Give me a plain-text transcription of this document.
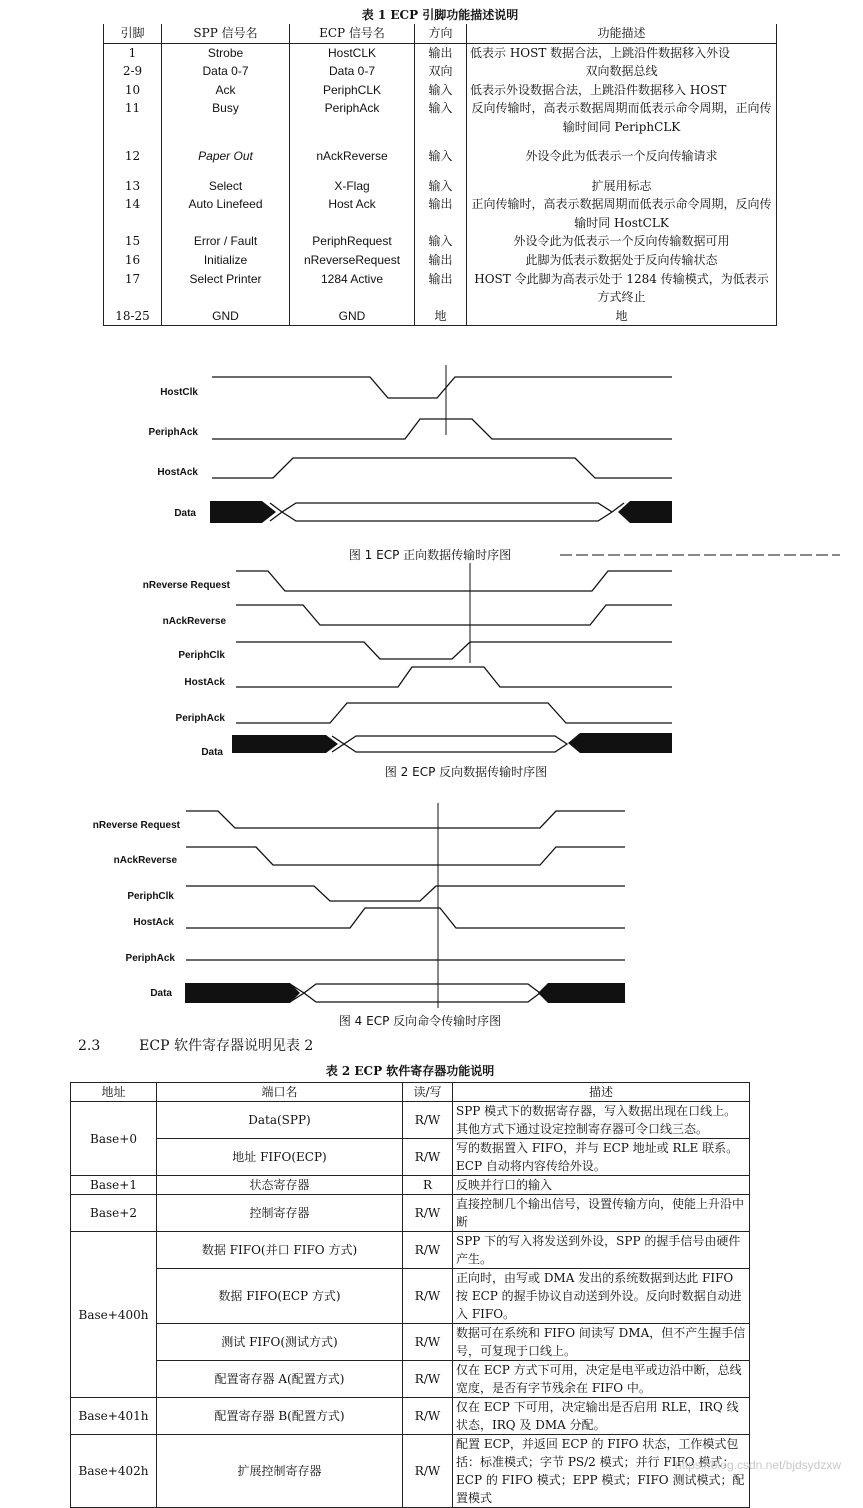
表 1 ECP 引脚功能描述说明
引脚	SPP 信号名	ECP 信号名	方向	功能描述
1	Strobe	HostCLK	输出	低表示 HOST 数据合法，上跳沿件数据移入外设
2-9	Data 0-7	Data 0-7	双向	双向数据总线
10	Ack	PeriphCLK	输入	低表示外设数据合法，上跳沿件数据移入 HOST
11	Busy	PeriphAck	输入	反向传输时，高表示数据周期而低表示命令周期，正向传输时间同 PeriphCLK
12	Paper Out	nAckReverse	输入	外设令此为低表示一个反向传输请求
13	Select	X-Flag	输入	扩展用标志
14	Auto Linefeed	Host Ack	输出	正向传输时，高表示数据周期而低表示命令周期，反向传输时同 HostCLK
15	Error / Fault	PeriphRequest	输入	外设令此为低表示一个反向传输数据可用
16	Initialize	nReverseRequest	输出	此脚为低表示数据处于反向传输状态
17	Select Printer	1284 Active	输出	HOST 令此脚为高表示处于 1284 传输模式，为低表示方式终止
18-25	GND	GND	地	地
HostClk
PeriphAck
HostAck
Data
图 1 ECP 正向数据传输时序图
nReverse Request
nAckReverse
PeriphClk
HostAck
PeriphAck
Data
图 2 ECP 反向数据传输时序图
nReverse Request
nAckReverse
PeriphClk
HostAck
PeriphAck
Data
图 4 ECP 反向命令传输时序图
2.3	ECP 软件寄存器说明见表 2
表 2 ECP 软件寄存器功能说明
地址	端口名	读/写	描述
Base+0	Data(SPP)	R/W	SPP 模式下的数据寄存器，写入数据出现在口线上。其他方式下通过设定控制寄存器可令口线三态。
	地址 FIFO(ECP)	R/W	写的数据置入 FIFO，并与 ECP 地址或 RLE 联系。ECP 自动将内容传给外设。
Base+1	状态寄存器	R	反映并行口的输入
Base+2	控制寄存器	R/W	直接控制几个输出信号，设置传输方向，使能上升沿中断
Base+400h	数据 FIFO(并口 FIFO 方式)	R/W	SPP 下的写入将发送到外设，SPP 的握手信号由硬件产生。
	数据 FIFO(ECP 方式)	R/W	正向时，由写或 DMA 发出的系统数据到达此 FIFO 按 ECP 的握手协议自动送到外设。反向时数据自动进入 FIFO。
	测试 FIFO(测试方式)	R/W	数据可在系统和 FIFO 间读写 DMA，但不产生握手信号，可复现于口线上。
	配置寄存器 A(配置方式)	R/W	仅在 ECP 方式下可用，决定是电平或边沿中断，总线宽度，是否有字节残余在 FIFO 中。
Base+401h	配置寄存器 B(配置方式)	R/W	仅在 ECP 下可用，决定输出是否启用 RLE，IRQ 线状态，IRQ 及 DMA 分配。
Base+402h	扩展控制寄存器	R/W	配置 ECP，并返回 ECP 的 FIFO 状态，工作模式包括：标准模式；字节 PS/2 模式；并行 FIFO 模式；ECP 的 FIFO 模式；EPP 模式；FIFO 测试模式；配置模式
https://blog.csdn.net/bjdsydzxw
